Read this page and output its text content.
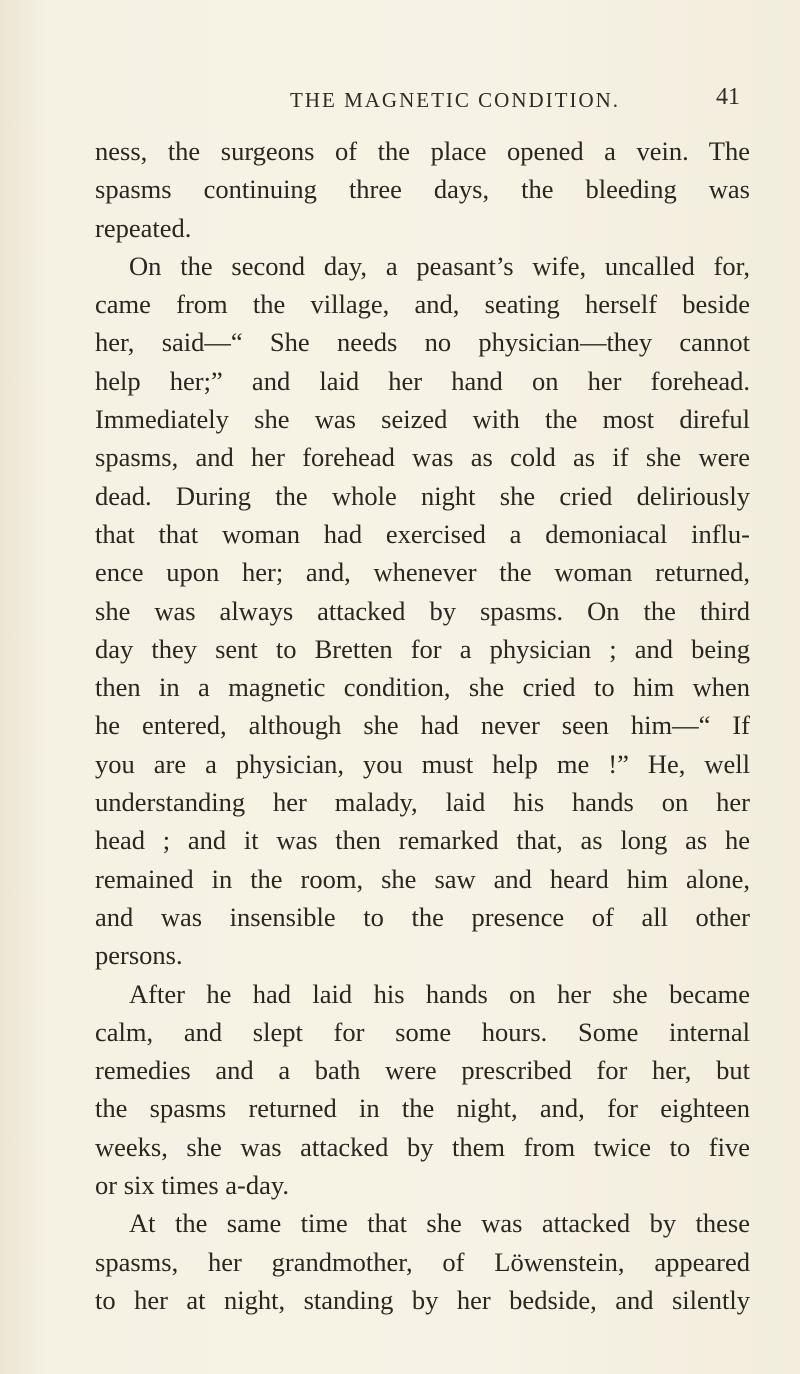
THE MAGNETIC CONDITION.	41
ness, the surgeons of the place opened a vein. The
spasms continuing three days, the bleeding was
repeated.
On the second day, a peasant’s wife, uncalled for,
came from the village, and, seating herself beside
her, said—“ She needs no physician—they cannot
help her;” and laid her hand on her forehead.
Immediately she was seized with the most direful
spasms, and her forehead was as cold as if she were
dead. During the whole night she cried deliriously
that that woman had exercised a demoniacal influ-
ence upon her; and, whenever the woman returned,
she was always attacked by spasms. On the third
day they sent to Bretten for a physician ; and being
then in a magnetic condition, she cried to him when
he entered, although she had never seen him—“ If
you are a physician, you must help me !” He, well
understanding her malady, laid his hands on her
head ; and it was then remarked that, as long as he
remained in the room, she saw and heard him alone,
and was insensible to the presence of all other
persons.
After he had laid his hands on her she became
calm, and slept for some hours. Some internal
remedies and a bath were prescribed for her, but
the spasms returned in the night, and, for eighteen
weeks, she was attacked by them from twice to five
or six times a-day.
At the same time that she was attacked by these
spasms, her grandmother, of Löwenstein, appeared
to her at night, standing by her bedside, and silently
